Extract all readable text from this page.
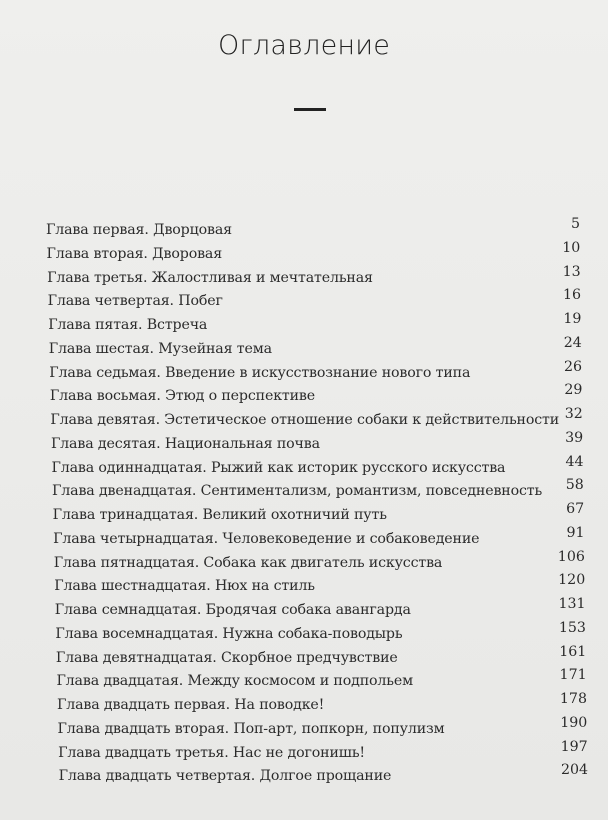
Оглавление
Глава первая. Дворцовая	5
Глава вторая. Дворовая	10
Глава третья. Жалостливая и мечтательная	13
Глава четвертая. Побег	16
Глава пятая. Встреча	19
Глава шестая. Музейная тема	24
Глава седьмая. Введение в искусствознание нового типа	26
Глава восьмая. Этюд о перспективе	29
Глава девятая. Эстетическое отношение собаки к действительности 32
Глава десятая. Национальная почва	39
Глава одиннадцатая. Рыжий как историк русского искусства	44
Глава двенадцатая. Сентиментализм, романтизм, повседневность	58
Глава тринадцатая. Великий охотничий путь	67
Глава четырнадцатая. Человековедение и собаковедение	91
Глава пятнадцатая. Собака как двигатель искусства	106
Глава шестнадцатая. Нюх на стиль	120
Глава семнадцатая. Бродячая собака авангарда	131
Глава восемнадцатая. Нужна собака-поводырь	153
Глава девятнадцатая. Скорбное предчувствие	161
Глава двадцатая. Между космосом и подпольем	171
Глава двадцать первая. На поводке!	178
Глава двадцать вторая. Поп-арт, попкорн, популизм	190
Глава двадцать третья. Нас не догонишь!	197
Глава двадцать четвертая. Долгое прощание	204
